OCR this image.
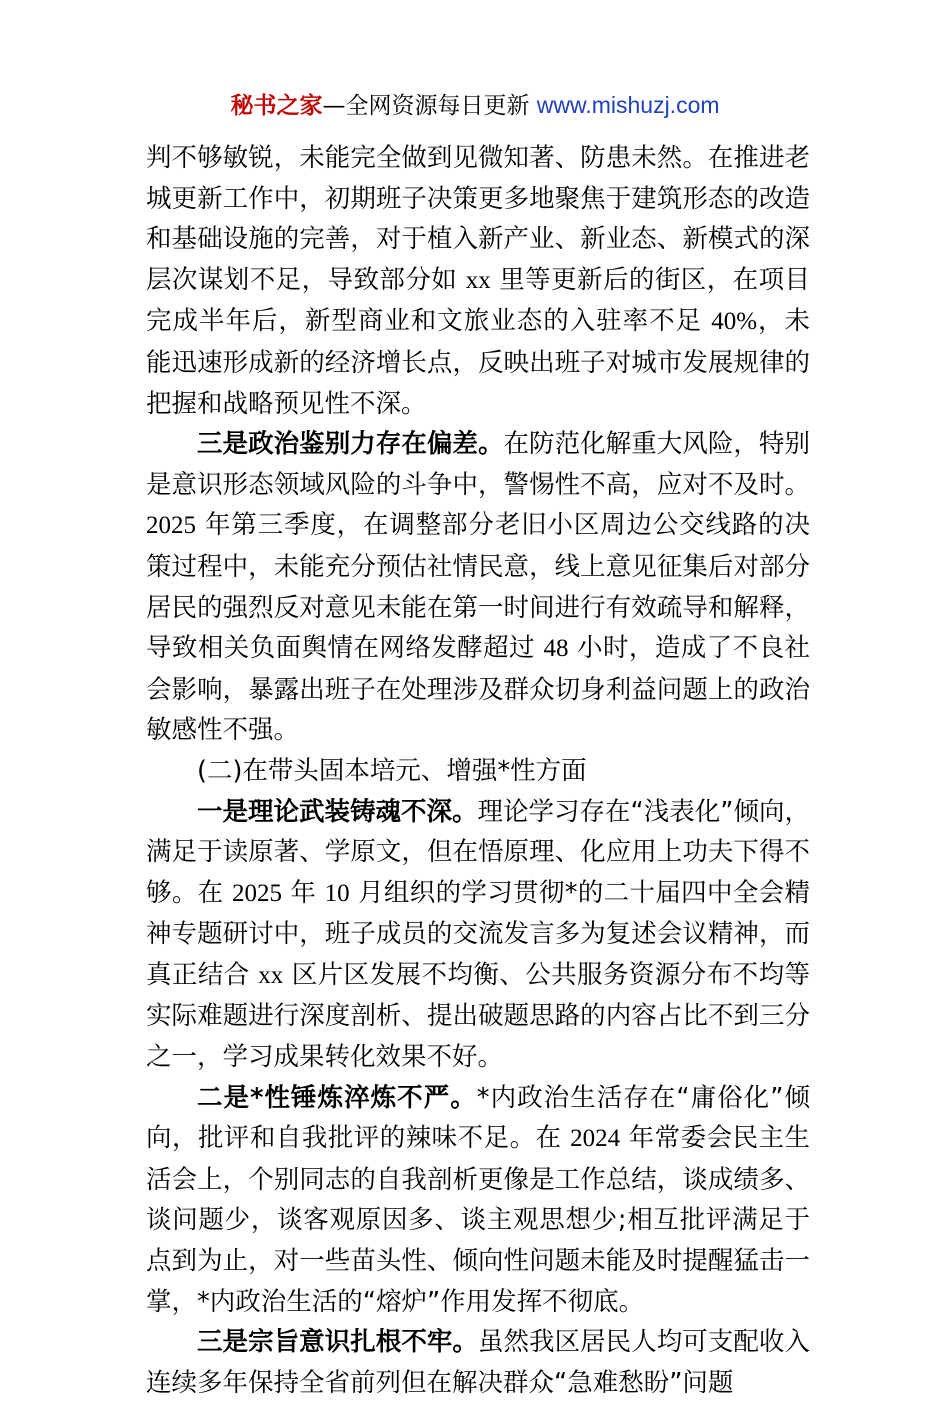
秘书之家—全网资源每日更新 www.mishuzj.com

判不够敏锐，未能完全做到见微知著、防患未然。在推进老城更新工作中，初期班子决策更多地聚焦于建筑形态的改造和基础设施的完善，对于植入新产业、新业态、新模式的深层次谋划不足，导致部分如 xx 里等更新后的街区，在项目完成半年后，新型商业和文旅业态的入驻率不足 40%，未能迅速形成新的经济增长点，反映出班子对城市发展规律的把握和战略预见性不深。

三是政治鉴别力存在偏差。在防范化解重大风险，特别是意识形态领域风险的斗争中，警惕性不高，应对不及时。2025 年第三季度，在调整部分老旧小区周边公交线路的决策过程中，未能充分预估社情民意，线上意见征集后对部分居民的强烈反对意见未能在第一时间进行有效疏导和解释，导致相关负面舆情在网络发酵超过 48 小时，造成了不良社会影响，暴露出班子在处理涉及群众切身利益问题上的政治敏感性不强。

(二)在带头固本培元、增强*性方面

一是理论武装铸魂不深。理论学习存在“浅表化”倾向，满足于读原著、学原文，但在悟原理、化应用上功夫下得不够。在 2025 年 10 月组织的学习贯彻*的二十届四中全会精神专题研讨中，班子成员的交流发言多为复述会议精神，而真正结合 xx 区片区发展不均衡、公共服务资源分布不均等实际难题进行深度剖析、提出破题思路的内容占比不到三分之一，学习成果转化效果不好。

二是*性锤炼淬炼不严。*内政治生活存在“庸俗化”倾向，批评和自我批评的辣味不足。在 2024 年常委会民主生活会上，个别同志的自我剖析更像是工作总结，谈成绩多、谈问题少，谈客观原因多、谈主观思想少;相互批评满足于点到为止，对一些苗头性、倾向性问题未能及时提醒猛击一掌，*内政治生活的“熔炉”作用发挥不彻底。

三是宗旨意识扎根不牢。虽然我区居民人均可支配收入连续多年保持全省前列但在解决群众“急难愁盼”问题
